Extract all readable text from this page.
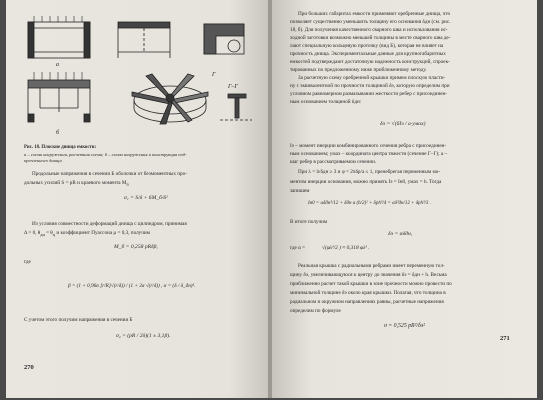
а
б
Г–Г
Г
Рис. 18. Плоские днища емкости:
а – схема нагружения, расчетная схема; б – схема нагружения и конструкция под-
крепленного днища
Продольные напряжения в сечении Б оболочки от безмоментных про-
дольных усилий S = pR и краевого момента $M_б$
σ₁ = S/δ + 6M_б/δ²
Из условия совместности деформаций днища с цилиндром, принимая
Δ = 0, $\theta_{дн} = \theta_ц$ и коэффициент Пуассона μ = 0,3, получим
M_б = 0,258 pRδβ,
где
β = (1 + 0,96α [r/R]√(r/δ)) / (1 + 2α √(r/δ)) , α = (δ / δ_дн)³.
С учетом этого получим напряжения в сечении Б
σ₂ = (pR / 2δ)(1 ± 3,1β).
270
При больших габаритах емкости применяют оребренные днища, что
позволяет существенно уменьшить толщину его основания δдн (см. рис.
18, б). Для получения качественного сварного шва и использования ис-
ходной заготовки возможно меньшей толщины в месте сварного шва де-
лают специальную кольцевую проточку (вид Б), которая не влияет на
прочность днища. Экспериментальные данные для крупногабаритных
емкостей подтверждают достаточную надежность конструкций, спроек-
тированных по предложенному ниже приближенному методу.
За расчетную схему оребренной крышки примем плоскую пласти-
ну с эквивалентной по прочности толщиной δэ, которую определим при
условном равномерном размазывании жесткости ребер с присоединен-
ным основанием толщиной δдн:
δэ = √(6Iэ / a·yмах)
Iэ – момент инерции комбинированного сечения ребра с присоединен-
ным основанием; yмах – координата центра тяжести (сечение Г–Г); а –
шаг ребер в рассматриваемом сечении.
При λ = h/δдн ≥ 3 и φ = 2πδр/a ≤ 1, пренебрегая переменным мо-
ментом инерции основания, можно принять Iэ = Iн0, yмах = h. Тогда
запишем
Iн0 = aδдн³/12 + δдн a (h/2)² + δрh³/4 = aδ³дн/12 + δрh³/3 .
В итоге получим
δэ = αδдн,
где α =	√(φλ³/2 ) ≈ 0,318 φλ³ .
Реальная крышка с радиальными ребрами имеет переменную тол-
щину δэ, увеличивающуюся к центру до значения δэ = δдн + h. Весьма
приближенно расчет такой крышки в зоне прочности можно провести по
минимальной толщине δэ около края крышки. Полагая, что толщина в
радиальном и окружном направлениях равны, расчетные напряжения
определим по формуле
σ = 0,525 pR²/δэ²
271
